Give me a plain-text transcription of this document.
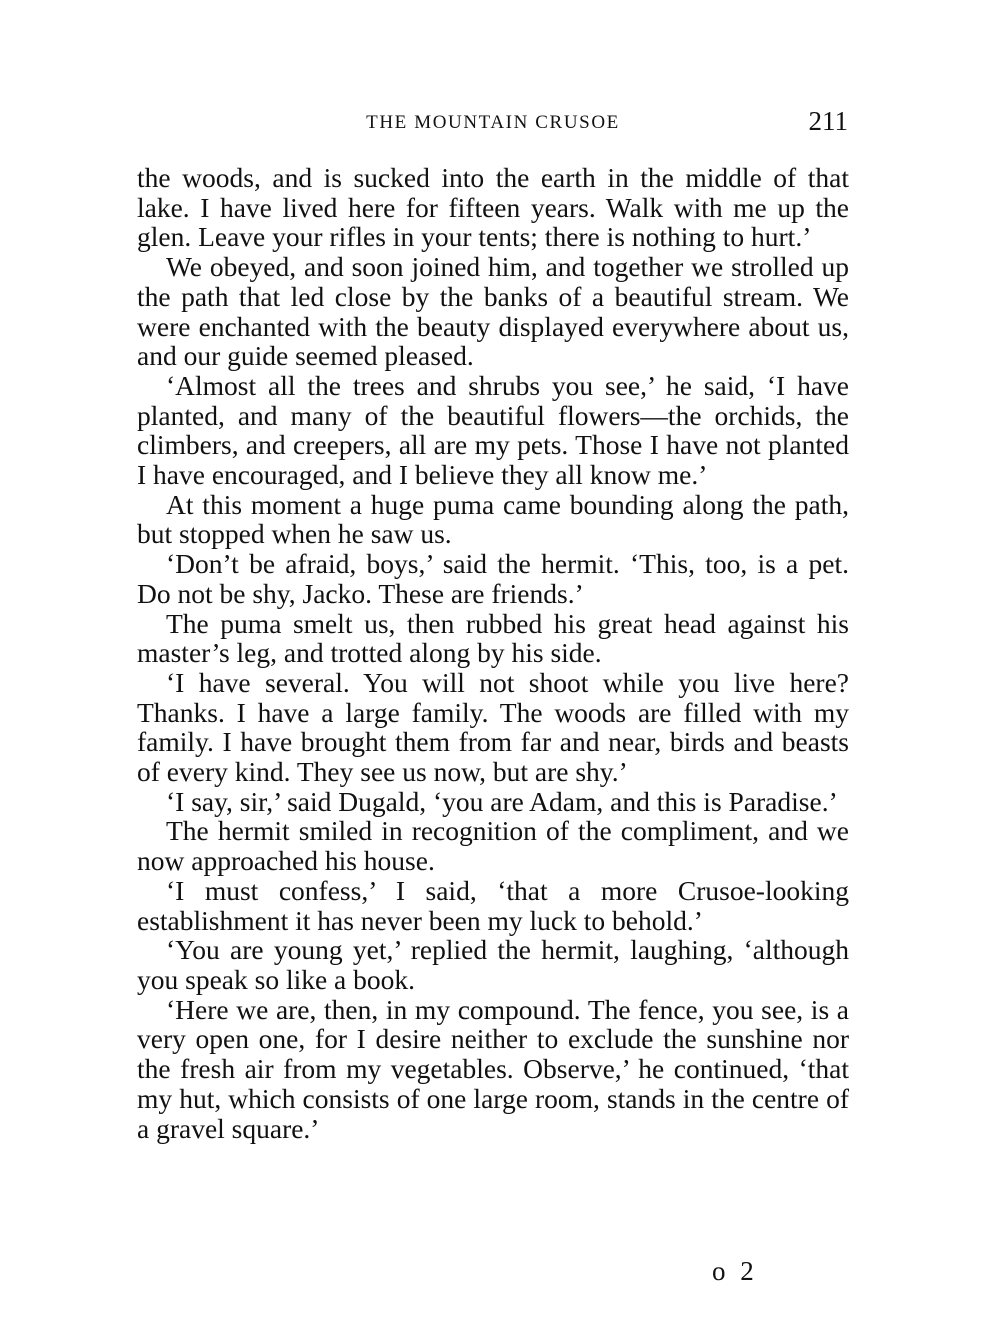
THE MOUNTAIN CRUSOE	211

the woods, and is sucked into the earth in the middle of that lake. I have lived here for fifteen years. Walk with me up the glen. Leave your rifles in your tents; there is nothing to hurt.’

We obeyed, and soon joined him, and together we strolled up the path that led close by the banks of a beautiful stream. We were enchanted with the beauty displayed everywhere about us, and our guide seemed pleased.

‘Almost all the trees and shrubs you see,’ he said, ‘I have planted, and many of the beautiful flowers—the orchids, the climbers, and creepers, all are my pets. Those I have not planted I have encouraged, and I believe they all know me.’

At this moment a huge puma came bounding along the path, but stopped when he saw us.

‘Don’t be afraid, boys,’ said the hermit. ‘This, too, is a pet. Do not be shy, Jacko. These are friends.’

The puma smelt us, then rubbed his great head against his master’s leg, and trotted along by his side.

‘I have several. You will not shoot while you live here? Thanks. I have a large family. The woods are filled with my family. I have brought them from far and near, birds and beasts of every kind. They see us now, but are shy.’

‘I say, sir,’ said Dugald, ‘you are Adam, and this is Paradise.’

The hermit smiled in recognition of the compliment, and we now approached his house.

‘I must confess,’ I said, ‘that a more Crusoe-looking establishment it has never been my luck to behold.’

‘You are young yet,’ replied the hermit, laughing, ‘although you speak so like a book.

‘Here we are, then, in my compound. The fence, you see, is a very open one, for I desire neither to exclude the sunshine nor the fresh air from my vegetables. Observe,’ he continued, ‘that my hut, which consists of one large room, stands in the centre of a gravel square.’

o 2
